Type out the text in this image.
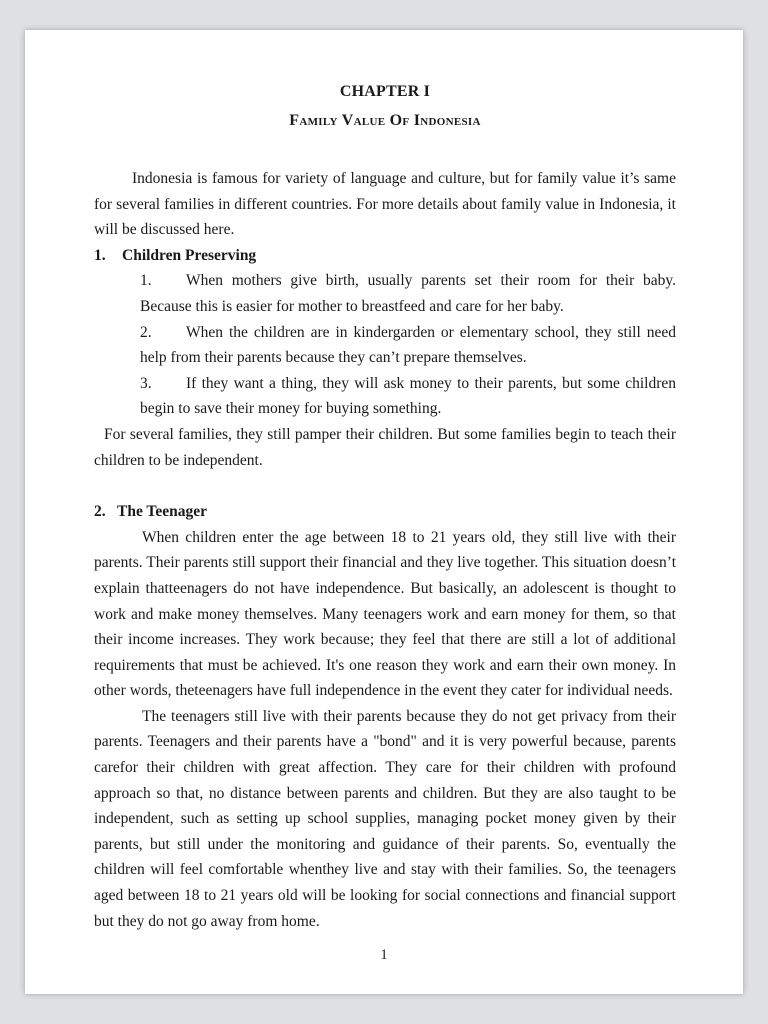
CHAPTER I
Family Value Of Indonesia

Indonesia is famous for variety of language and culture, but for family value it’s same for several families in different countries. For more details about family value in Indonesia, it will be discussed here.

1. Children Preserving

1. When mothers give birth, usually parents set their room for their baby. Because this is easier for mother to breastfeed and care for her baby.

2. When the children are in kindergarden or elementary school, they still need help from their parents because they can’t prepare themselves.

3. If they want a thing, they will ask money to their parents, but some children begin to save their money for buying something.

For several families, they still pamper their children. But some families begin to teach their children to be independent.

2. The Teenager

When children enter the age between 18 to 21 years old, they still live with their parents. Their parents still support their financial and they live together. This situation doesn’t explain thatteenagers do not have independence. But basically, an adolescent is thought to work and make money themselves. Many teenagers work and earn money for them, so that their income increases. They work because; they feel that there are still a lot of additional requirements that must be achieved. It's one reason they work and earn their own money. In other words, theteenagers have full independence in the event they cater for individual needs.

The teenagers still live with their parents because they do not get privacy from their parents. Teenagers and their parents have a "bond" and it is very powerful because, parents carefor their children with great affection. They care for their children with profound approach so that, no distance between parents and children. But they are also taught to be independent, such as setting up school supplies, managing pocket money given by their parents, but still under the monitoring and guidance of their parents. So, eventually the children will feel comfortable whenthey live and stay with their families. So, the teenagers aged between 18 to 21 years old will be looking for social connections and financial support but they do not go away from home.

1
